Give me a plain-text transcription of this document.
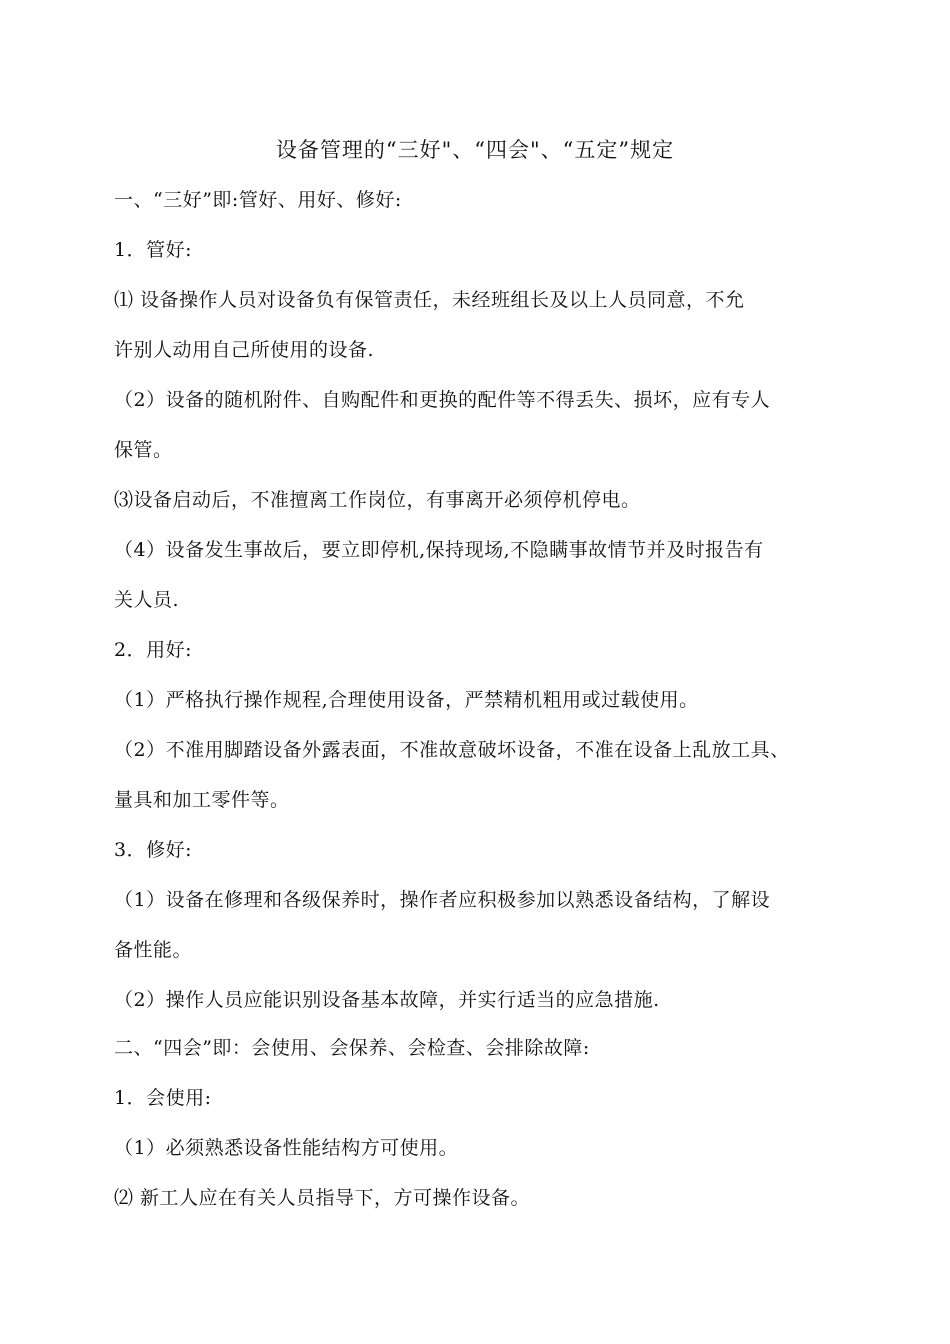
设备管理的“三好"、“四会"、“五定”规定
一、“三好”即:管好、用好、修好:
1．管好:
⑴ 设备操作人员对设备负有保管责任，未经班组长及以上人员同意，不允
许别人动用自己所使用的设备.
（2）设备的随机附件、自购配件和更换的配件等不得丢失、损坏，应有专人
保管。
⑶设备启动后，不准擅离工作岗位，有事离开必须停机停电。
（4）设备发生事故后，要立即停机,保持现场,不隐瞒事故情节并及时报告有
关人员.
2．用好:
（1）严格执行操作规程,合理使用设备，严禁精机粗用或过载使用。
（2）不准用脚踏设备外露表面，不准故意破坏设备，不准在设备上乱放工具、
量具和加工零件等。
3．修好:
（1）设备在修理和各级保养时，操作者应积极参加以熟悉设备结构，了解设
备性能。
（2）操作人员应能识别设备基本故障，并实行适当的应急措施.
二、“四会”即：会使用、会保养、会检查、会排除故障:
1．会使用:
（1）必须熟悉设备性能结构方可使用。
⑵ 新工人应在有关人员指导下，方可操作设备。
